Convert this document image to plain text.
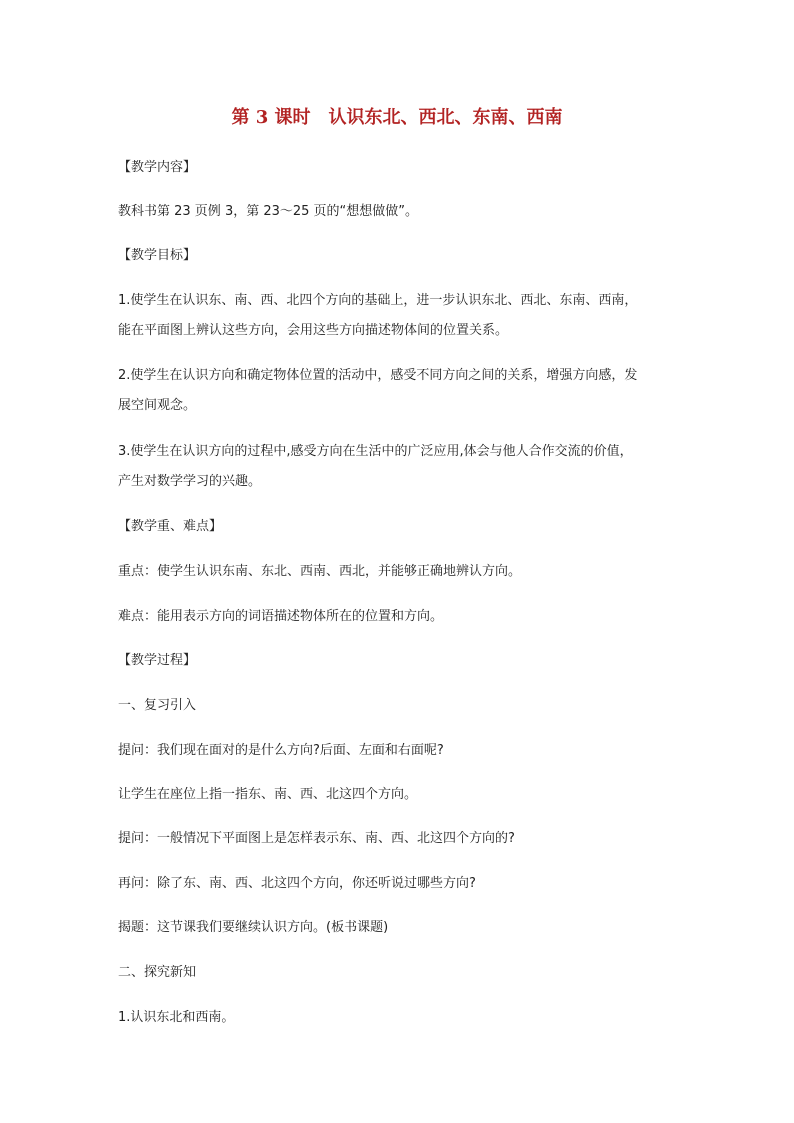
第 3 课时　认识东北、西北、东南、西南
【教学内容】
教科书第 23 页例 3，第 23～25 页的“想想做做”。
【教学目标】
1.使学生在认识东、南、西、北四个方向的基础上，进一步认识东北、西北、东南、西南，
能在平面图上辨认这些方向，会用这些方向描述物体间的位置关系。
2.使学生在认识方向和确定物体位置的活动中，感受不同方向之间的关系，增强方向感，发
展空间观念。
3.使学生在认识方向的过程中,感受方向在生活中的广泛应用,体会与他人合作交流的价值，
产生对数学学习的兴趣。
【教学重、难点】
重点：使学生认识东南、东北、西南、西北，并能够正确地辨认方向。
难点：能用表示方向的词语描述物体所在的位置和方向。
【教学过程】
一、复习引入
提问：我们现在面对的是什么方向?后面、左面和右面呢?
让学生在座位上指一指东、南、西、北这四个方向。
提问：一般情况下平面图上是怎样表示东、南、西、北这四个方向的?
再问：除了东、南、西、北这四个方向，你还听说过哪些方向?
揭题：这节课我们要继续认识方向。(板书课题)
二、探究新知
1.认识东北和西南。
